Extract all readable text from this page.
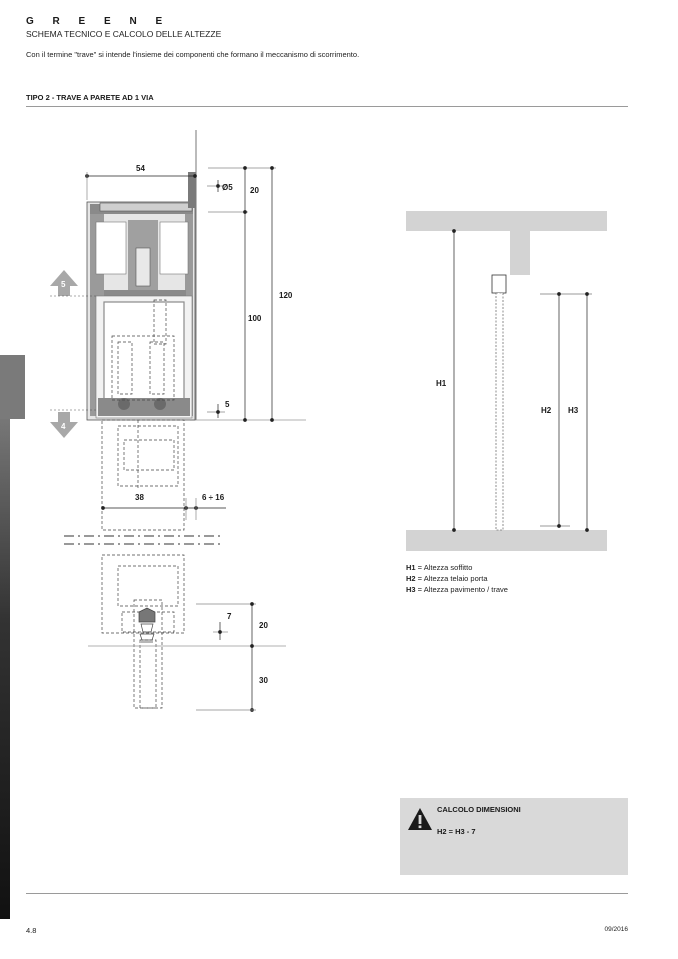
G R E E N E
SCHEMA TECNICO E CALCOLO DELLE ALTEZZE
Con il termine "trave" si intende l'insieme dei componenti che formano il meccanismo di scorrimento.
TIPO 2 - TRAVE A PARETE AD 1 VIA
5
4
54
Ø5 20
120
100
5
38	6 ÷ 16
7
20
30
H1
H2 H3
H1 = Altezza soffitto
H2 = Altezza telaio porta
H3 = Altezza pavimento / trave
CALCOLO DIMENSIONI
H2 = H3 - 7
4.8	09/2016
